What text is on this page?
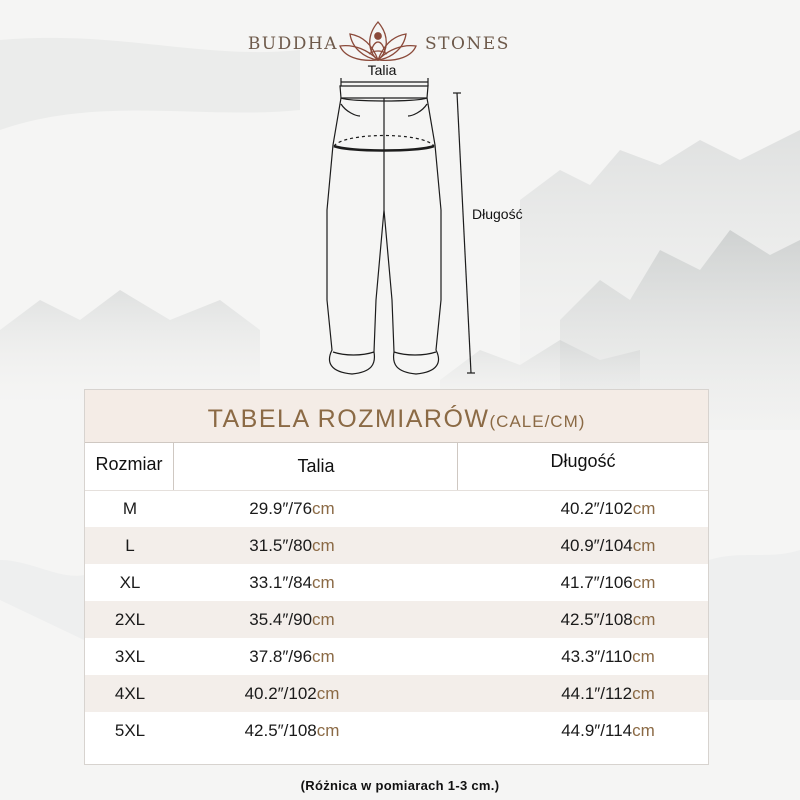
BUDDHA	STONES
Talia
Długość
TABELA ROZMIARÓW(CALE/CM)
Rozmiar	Talia	Długość
M	29.9″/76cm	40.2″/102cm
L	31.5″/80cm	40.9″/104cm
XL	33.1″/84cm	41.7″/106cm
2XL	35.4″/90cm	42.5″/108cm
3XL	37.8″/96cm	43.3″/110cm
4XL	40.2″/102cm	44.1″/112cm
5XL	42.5″/108cm	44.9″/114cm
(Różnica w pomiarach 1-3 cm.)
